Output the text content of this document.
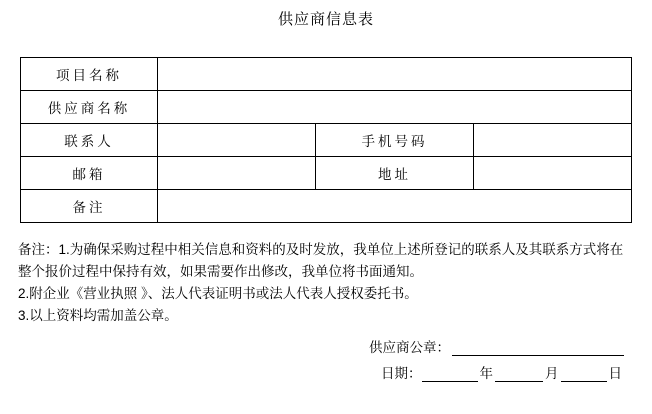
供应商信息表
项目名称			
供应商名称			
联系人		手机号码	
邮箱		地址	
备注			

备注：1.为确保采购过程中相关信息和资料的及时发放，我单位上述所登记的联系人及其联系方式将在整个报价过程中保持有效，如果需要作出修改，我单位将书面通知。

2.附企业《营业执照 》、法人代表证明书或法人代表人授权委托书。

3.以上资料均需加盖公章。

供应商公章：
日期：	年	月	日
